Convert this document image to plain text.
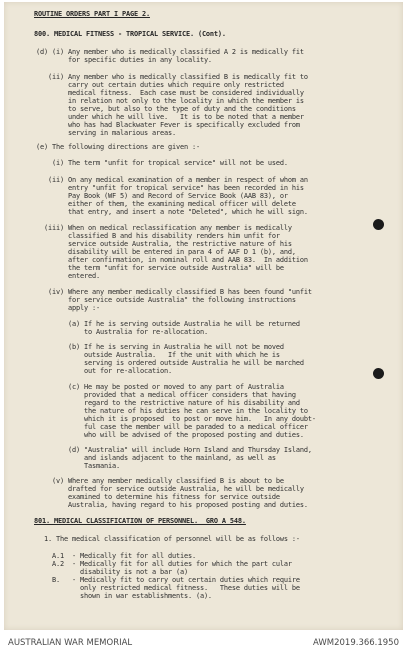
ROUTINE ORDERS PART I PAGE 2.
800. MEDICAL FITNESS - TROPICAL SERVICE. (Cont).
(d) (i) Any member who is medically classified A 2 is medically fit
for specific duties in any locality.
(ii) Any member who is medically classified B is medically fit to
carry out certain duties which require only restricted
medical fitness.  Each case must be considered individually
in relation not only to the locality in which the member is
to serve, but also to the type of duty and the conditions
under which he will live.   It is to be noted that a member
who has had Blackwater Fever is specifically excluded from
serving in malarious areas.
(e) The following directions are given :-
(i) The term "unfit for tropical service" will not be used.
(ii) On any medical examination of a member in respect of whom an
entry "unfit for tropical service" has been recorded in his
Pay Book (WF 5) and Record of Service Book (AAB 83), or
either of them, the examining medical officer will delete
that entry, and insert a note "Deleted", which he will sign.
(iii) When on medical reclassification any member is medically
classified B and his disability renders him unfit for
service outside Australia, the restrictive nature of his
disability will be entered in para 4 of AAF D 1 (b), and,
after confirmation, in nominal roll and AAB 83.  In addition
the term "unfit for service outside Australia" will be
entered.
(iv) Where any member medically classified B has been found "unfit
for service outside Australia" the following instructions
apply :-
(a) If he is serving outside Australia he will be returned
to Australia for re-allocation.
(b) If he is serving in Australia he will not be moved
outside Australia.   If the unit with which he is
serving is ordered outside Australia he will be marched
out for re-allocation.
(c) He may be posted or moved to any part of Australia
provided that a medical officer considers that having
regard to the restrictive nature of his disability and
the nature of his duties he can serve in the locality to
which it is proposed  to post or move him.   In any doubt-
ful case the member will be paraded to a medical officer
who will be advised of the proposed posting and duties.
(d) "Australia" will include Horn Island and Thursday Island,
and islands adjacent to the mainland, as well as
Tasmania.
(v) Where any member medically classified B is about to be
drafted for service outside Australia, he will be medically
examined to determine his fitness for service outside
Australia, having regard to his proposed posting and duties.
801. MEDICAL CLASSIFICATION OF PERSONNEL.  GRO A 548.
1. The medical classification of personnel will be as follows :-
A.1  - Medically fit for all duties.
A.2  - Medically fit for all duties for which the part cular
disability is not a bar (a)
B.   - Medically fit to carry out certain duties which require
only restricted medical fitness.   These duties will be
shown in war establishments. (a).
AUSTRALIAN WAR MEMORIAL	AWM2019.366.1950
